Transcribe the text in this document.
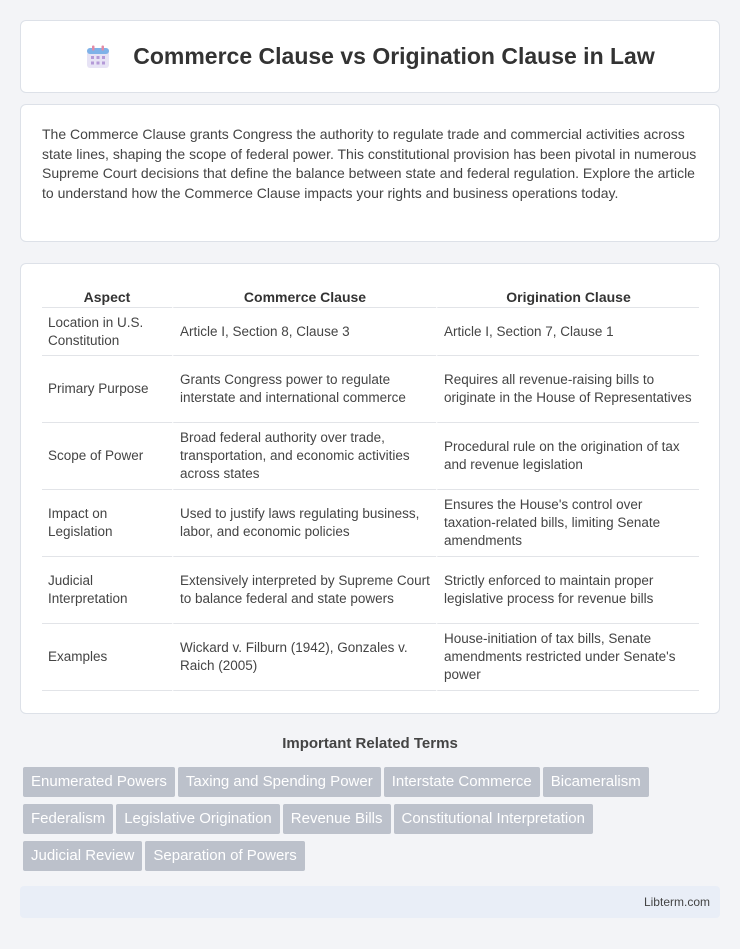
Commerce Clause vs Origination Clause in Law

The Commerce Clause grants Congress the authority to regulate trade and commercial activities across state lines, shaping the scope of federal power. This constitutional provision has been pivotal in numerous Supreme Court decisions that define the balance between state and federal regulation. Explore the article to understand how the Commerce Clause impacts your rights and business operations today.

Aspect	Commerce Clause	Origination Clause
Location in U.S. Constitution	Article I, Section 8, Clause 3	Article I, Section 7, Clause 1
Primary Purpose	Grants Congress power to regulate interstate and international commerce	Requires all revenue-raising bills to originate in the House of Representatives
Scope of Power	Broad federal authority over trade, transportation, and economic activities across states	Procedural rule on the origination of tax and revenue legislation
Impact on Legislation	Used to justify laws regulating business, labor, and economic policies	Ensures the House's control over taxation-related bills, limiting Senate amendments
Judicial Interpretation	Extensively interpreted by Supreme Court to balance federal and state powers	Strictly enforced to maintain proper legislative process for revenue bills
Examples	Wickard v. Filburn (1942), Gonzales v. Raich (2005)	House-initiation of tax bills, Senate amendments restricted under Senate's power
Important Related Terms
Enumerated Powers Taxing and Spending Power Interstate Commerce Bicameralism
Federalism Legislative Origination Revenue Bills Constitutional Interpretation
Judicial Review Separation of Powers
Libterm.com
